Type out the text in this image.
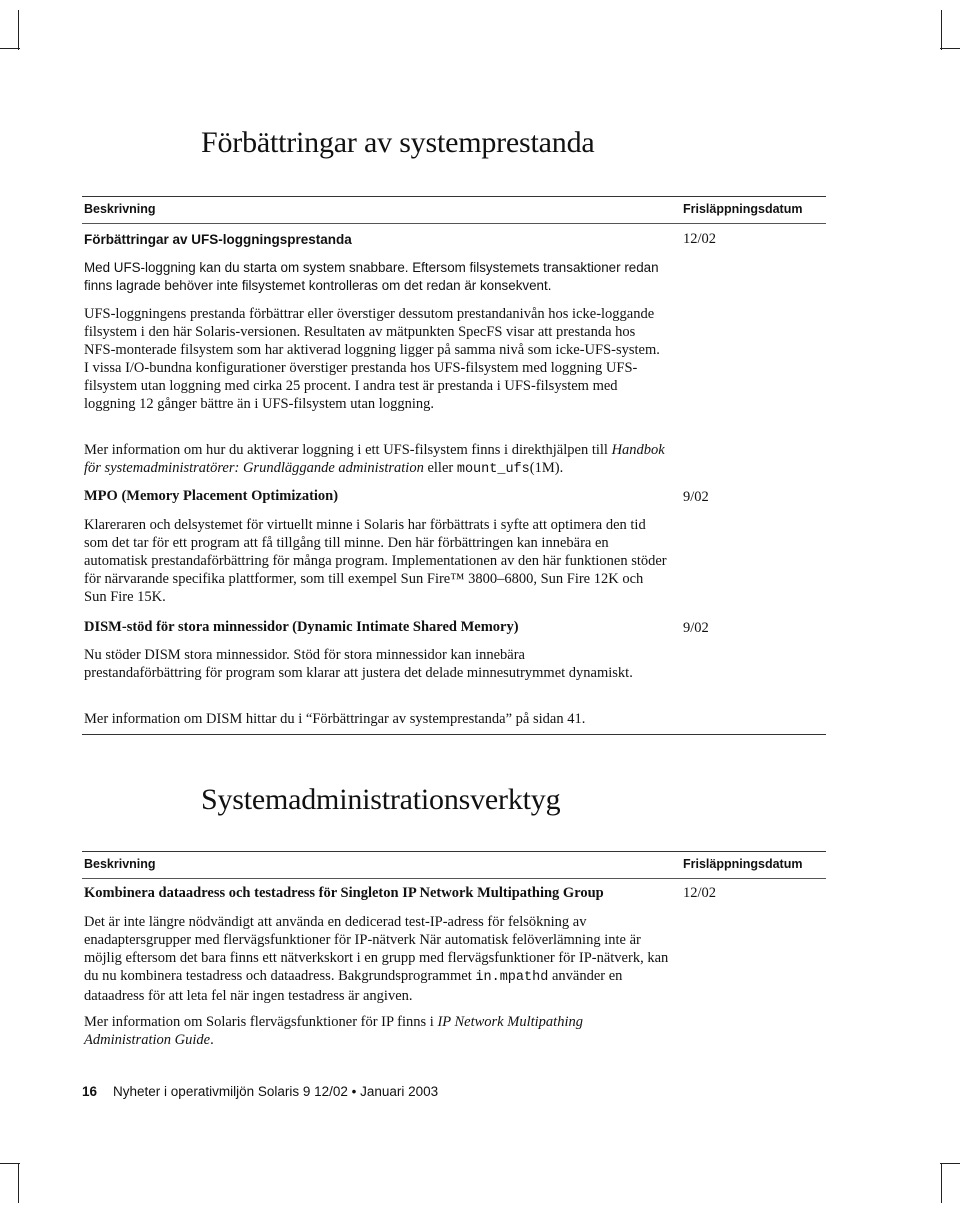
Förbättringar av systemprestanda
Beskrivning	Frisläppningsdatum
Förbättringar av UFS-loggningsprestanda	12/02

Med UFS-loggning kan du starta om system snabbare. Eftersom filsystemets transaktioner redan finns lagrade behöver inte filsystemet kontrolleras om det redan är konsekvent.

UFS-loggningens prestanda förbättrar eller överstiger dessutom prestandanivån hos icke-loggande filsystem i den här Solaris-versionen. Resultaten av mätpunkten SpecFS visar att prestanda hos NFS-monterade filsystem som har aktiverad loggning ligger på samma nivå som icke-UFS-system. I vissa I/O-bundna konfigurationer överstiger prestanda hos UFS-filsystem med loggning UFS-filsystem utan loggning med cirka 25 procent. I andra test är prestanda i UFS-filsystem med loggning 12 gånger bättre än i UFS-filsystem utan loggning.

Mer information om hur du aktiverar loggning i ett UFS-filsystem finns i direkthjälpen till Handbok för systemadministratörer: Grundläggande administration eller mount_ufs(1M).

MPO (Memory Placement Optimization)	9/02

Klareraren och delsystemet för virtuellt minne i Solaris har förbättrats i syfte att optimera den tid som det tar för ett program att få tillgång till minne. Den här förbättringen kan innebära en automatisk prestandaförbättring för många program. Implementationen av den här funktionen stöder för närvarande specifika plattformer, som till exempel Sun Fire™ 3800–6800, Sun Fire 12K och Sun Fire 15K.

DISM-stöd för stora minnessidor (Dynamic Intimate Shared Memory)	9/02

Nu stöder DISM stora minnessidor. Stöd för stora minnessidor kan innebära prestandaförbättring för program som klarar att justera det delade minnesutrymmet dynamiskt.

Mer information om DISM hittar du i “Förbättringar av systemprestanda” på sidan 41.

Systemadministrationsverktyg
Beskrivning	Frisläppningsdatum
Kombinera dataadress och testadress för Singleton IP Network Multipathing Group	12/02

Det är inte längre nödvändigt att använda en dedicerad test-IP-adress för felsökning av enadaptersgrupper med flervägsfunktioner för IP-nätverk När automatisk felöverlämning inte är möjlig eftersom det bara finns ett nätverkskort i en grupp med flervägsfunktioner för IP-nätverk, kan du nu kombinera testadress och dataadress. Bakgrundsprogrammet in.mpathd använder en dataadress för att leta fel när ingen testadress är angiven.

Mer information om Solaris flervägsfunktioner för IP finns i IP Network Multipathing Administration Guide.

16 Nyheter i operativmiljön Solaris 9 12/02 • Januari 2003
